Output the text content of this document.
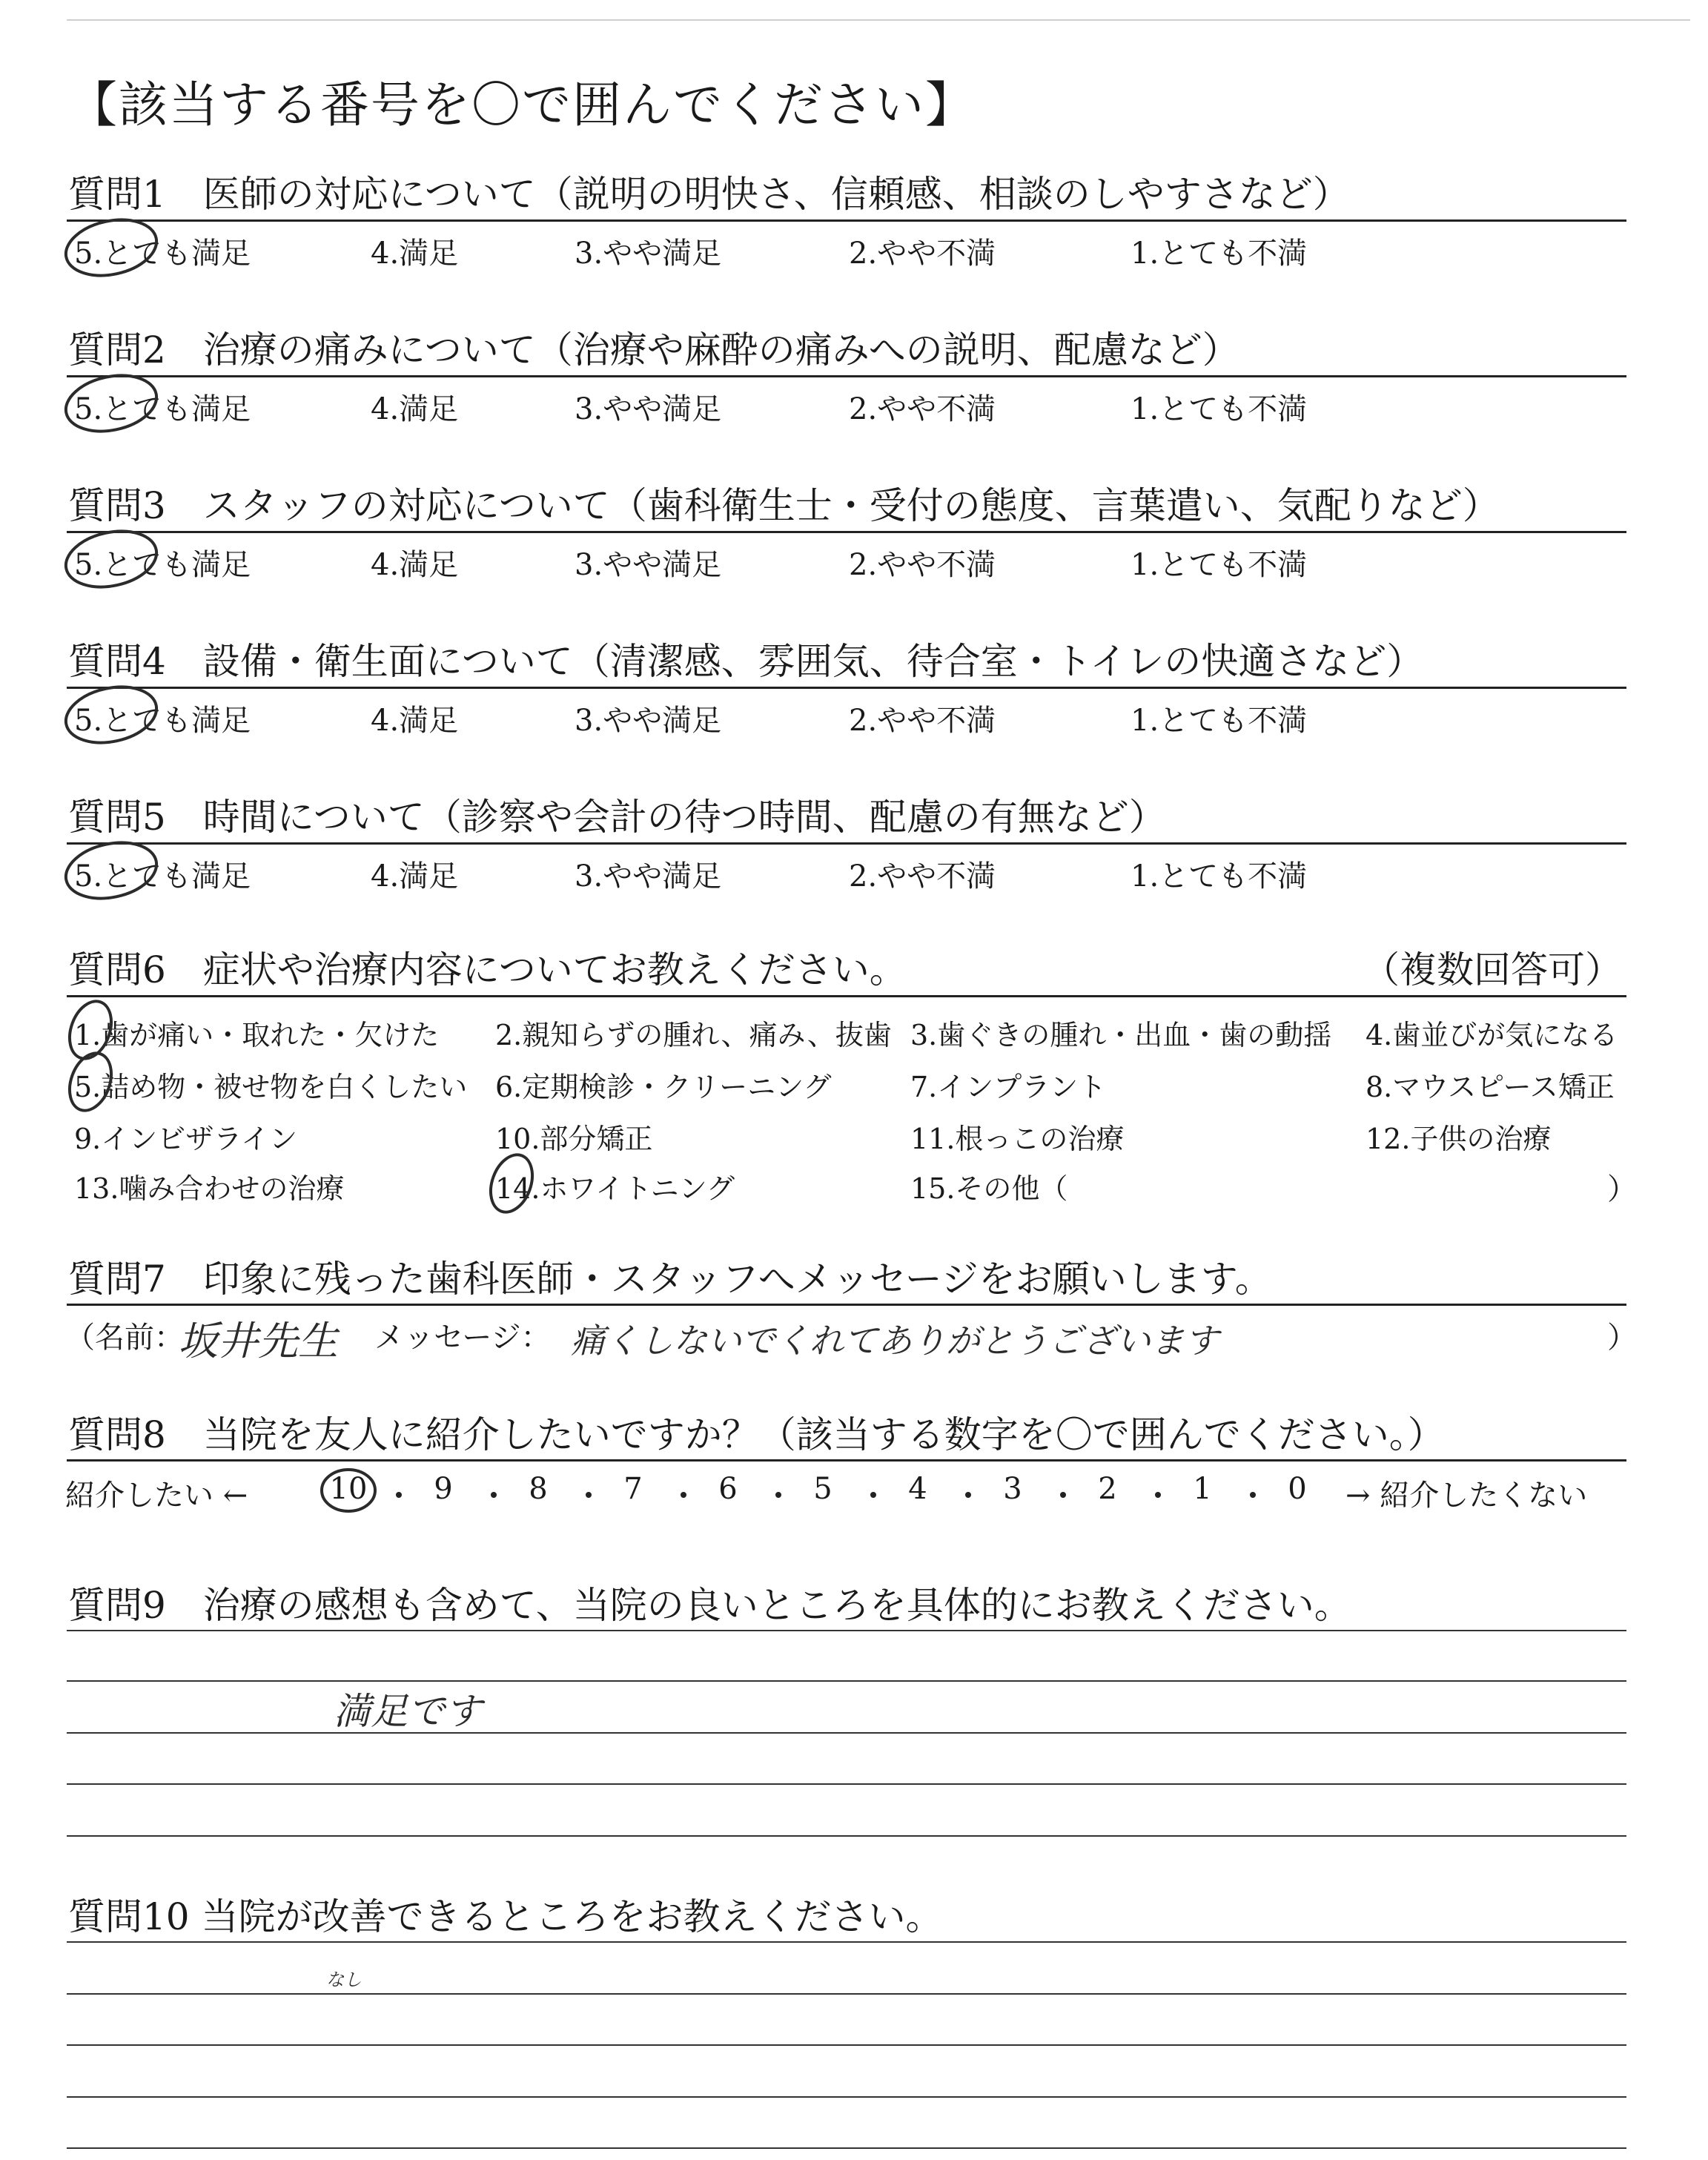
【該当する番号を〇で囲んでください】
質問1　医師の対応について（説明の明快さ、信頼感、相談のしやすさなど）
5.とても満足	4.満足	3.やや満足	2.やや不満	1.とても不満
質問2　治療の痛みについて（治療や麻酔の痛みへの説明、配慮など）
5.とても満足	4.満足	3.やや満足	2.やや不満	1.とても不満
質問3　スタッフの対応について（歯科衛生士・受付の態度、言葉遣い、気配りなど）
5.とても満足	4.満足	3.やや満足	2.やや不満	1.とても不満
質問4　設備・衛生面について（清潔感、雰囲気、待合室・トイレの快適さなど）
5.とても満足	4.満足	3.やや満足	2.やや不満	1.とても不満
質問5　時間について（診察や会計の待つ時間、配慮の有無など）
5.とても満足	4.満足	3.やや満足	2.やや不満	1.とても不満
質問6　症状や治療内容についてお教えください。	（複数回答可）
1.歯が痛い・取れた・欠けた 2.親知らずの腫れ、痛み、抜歯 3.歯ぐきの腫れ・出血・歯の動揺 4.歯並びが気になる
5.詰め物・被せ物を白くしたい 6.定期検診・クリーニング	7.インプラント	8.マウスピース矯正
9.インビザライン	10.部分矯正	11.根っこの治療	12.子供の治療
13.噛み合わせの治療	14.ホワイトニング	15.その他（	）
質問7　印象に残った歯科医師・スタッフへメッセージをお願いします。
（名前：
坂井先生 メッセージ： 痛くしないでくれてありがとうございます	）
質問8　当院を友人に紹介したいですか？（該当する数字を〇で囲んでください。）
紹介したい ←	10	9	8	7	6	5	4	3	2	1	0	→ 紹介したくない
質問9　治療の感想も含めて、当院の良いところを具体的にお教えください。
満足です
質問10 当院が改善できるところをお教えください。
なし
